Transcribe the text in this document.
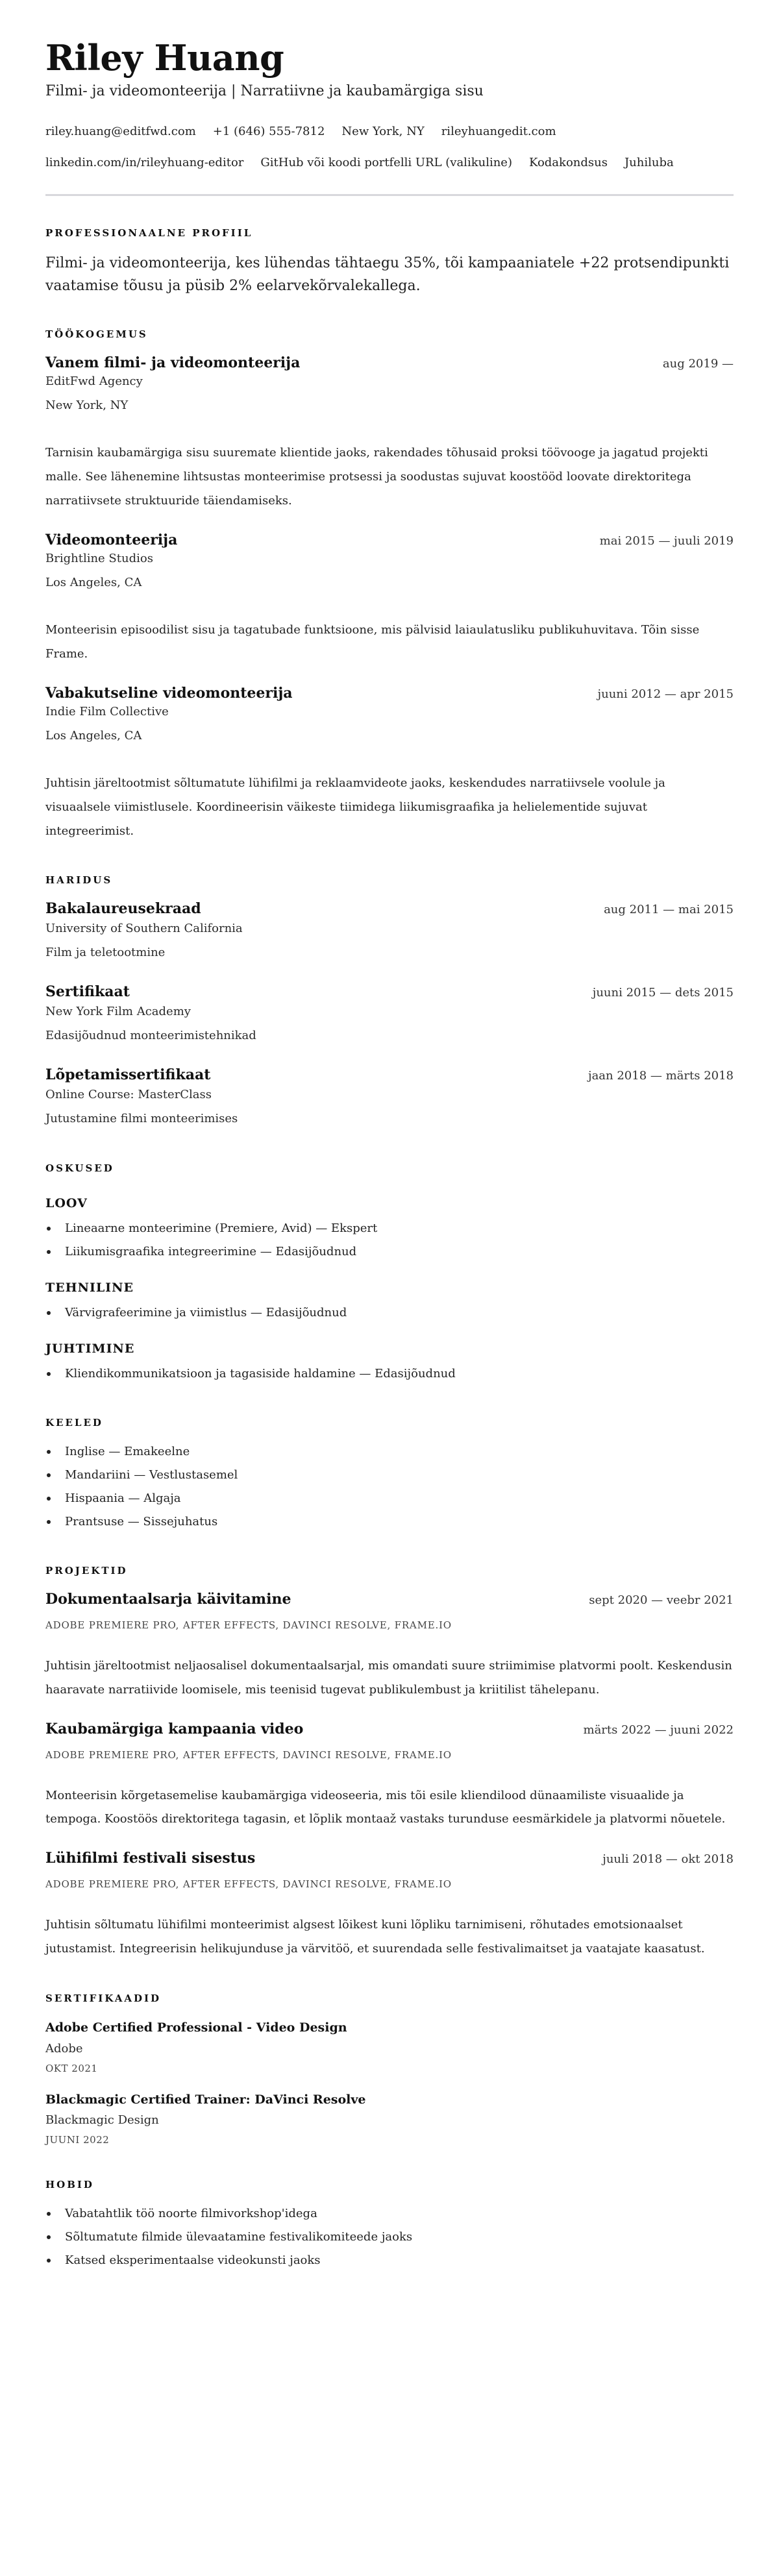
Riley Huang
Filmi- ja videomonteerija | Narratiivne ja kaubamärgiga sisu
riley.huang@editfwd.com +1 (646) 555-7812 New York, NY rileyhuangedit.com
linkedin.com/in/rileyhuang-editor GitHub või koodi portfelli URL (valikuline) Kodakondsus Juhiluba
PROFESSIONAALNE PROFIIL

Filmi- ja videomonteerija, kes lühendas tähtaegu 35%, tõi kampaaniatele +22 protsendipunkti vaatamise tõusu ja püsib 2% eelarvekõrvalekallega.

TÖÖKOGEMUS
Vanem filmi- ja videomonteerija	aug 2019 —
EditFwd Agency
New York, NY

Tarnisin kaubamärgiga sisu suuremate klientide jaoks, rakendades tõhusaid proksi töövooge ja jagatud projekti malle. See lähenemine lihtsustas monteerimise protsessi ja soodustas sujuvat koostööd loovate direktoritega narratiivsete struktuuride täiendamiseks.

Videomonteerija	mai 2015 — juuli 2019
Brightline Studios
Los Angeles, CA

Monteerisin episoodilist sisu ja tagatubade funktsioone, mis pälvisid laiaulatusliku publikuhuvitava. Tõin sisse Frame.

Vabakutseline videomonteerija	juuni 2012 — apr 2015
Indie Film Collective
Los Angeles, CA

Juhtisin järeltootmist sõltumatute lühifilmi ja reklaamvideote jaoks, keskendudes narratiivsele voolule ja visuaalsele viimistlusele. Koordineerisin väikeste tiimidega liikumisgraafika ja helielementide sujuvat integreerimist.

HARIDUS
Bakalaureusekraad	aug 2011 — mai 2015
University of Southern California
Film ja teletootmine
Sertifikaat	juuni 2015 — dets 2015
New York Film Academy
Edasijõudnud monteerimistehnikad
Lõpetamissertifikaat	jaan 2018 — märts 2018
Online Course: MasterClass
Jutustamine filmi monteerimises
OSKUSED
LOOV
Lineaarne monteerimine (Premiere, Avid) — Ekspert
Liikumisgraafika integreerimine — Edasijõudnud
TEHNILINE
Värvigrafeerimine ja viimistlus — Edasijõudnud
JUHTIMINE
Kliendikommunikatsioon ja tagasiside haldamine — Edasijõudnud
KEELED
Inglise — Emakeelne
Mandariini — Vestlustasemel
Hispaania — Algaja
Prantsuse — Sissejuhatus
PROJEKTID
Dokumentaalsarja käivitamine	sept 2020 — veebr 2021
ADOBE PREMIERE PRO, AFTER EFFECTS, DAVINCI RESOLVE, FRAME.IO

Juhtisin järeltootmist neljaosalisel dokumentaalsarjal, mis omandati suure striimimise platvormi poolt. Keskendusin haaravate narratiivide loomisele, mis teenisid tugevat publikulembust ja kriitilist tähelepanu.

Kaubamärgiga kampaania video	märts 2022 — juuni 2022
ADOBE PREMIERE PRO, AFTER EFFECTS, DAVINCI RESOLVE, FRAME.IO

Monteerisin kõrgetasemelise kaubamärgiga videoseeria, mis tõi esile kliendilood dünaamiliste visuaalide ja tempoga. Koostöös direktoritega tagasin, et lõplik montaaž vastaks turunduse eesmärkidele ja platvormi nõuetele.

Lühifilmi festivali sisestus	juuli 2018 — okt 2018
ADOBE PREMIERE PRO, AFTER EFFECTS, DAVINCI RESOLVE, FRAME.IO

Juhtisin sõltumatu lühifilmi monteerimist algsest lõikest kuni lõpliku tarnimiseni, rõhutades emotsionaalset jutustamist. Integreerisin helikujunduse ja värvitöö, et suurendada selle festivalimaitset ja vaatajate kaasatust.

SERTIFIKAADID
Adobe Certified Professional - Video Design
Adobe
OKT 2021
Blackmagic Certified Trainer: DaVinci Resolve
Blackmagic Design
JUUNI 2022
HOBID
Vabatahtlik töö noorte filmivorkshop'idega
Sõltumatute filmide ülevaatamine festivalikomiteede jaoks
Katsed eksperimentaalse videokunsti jaoks
